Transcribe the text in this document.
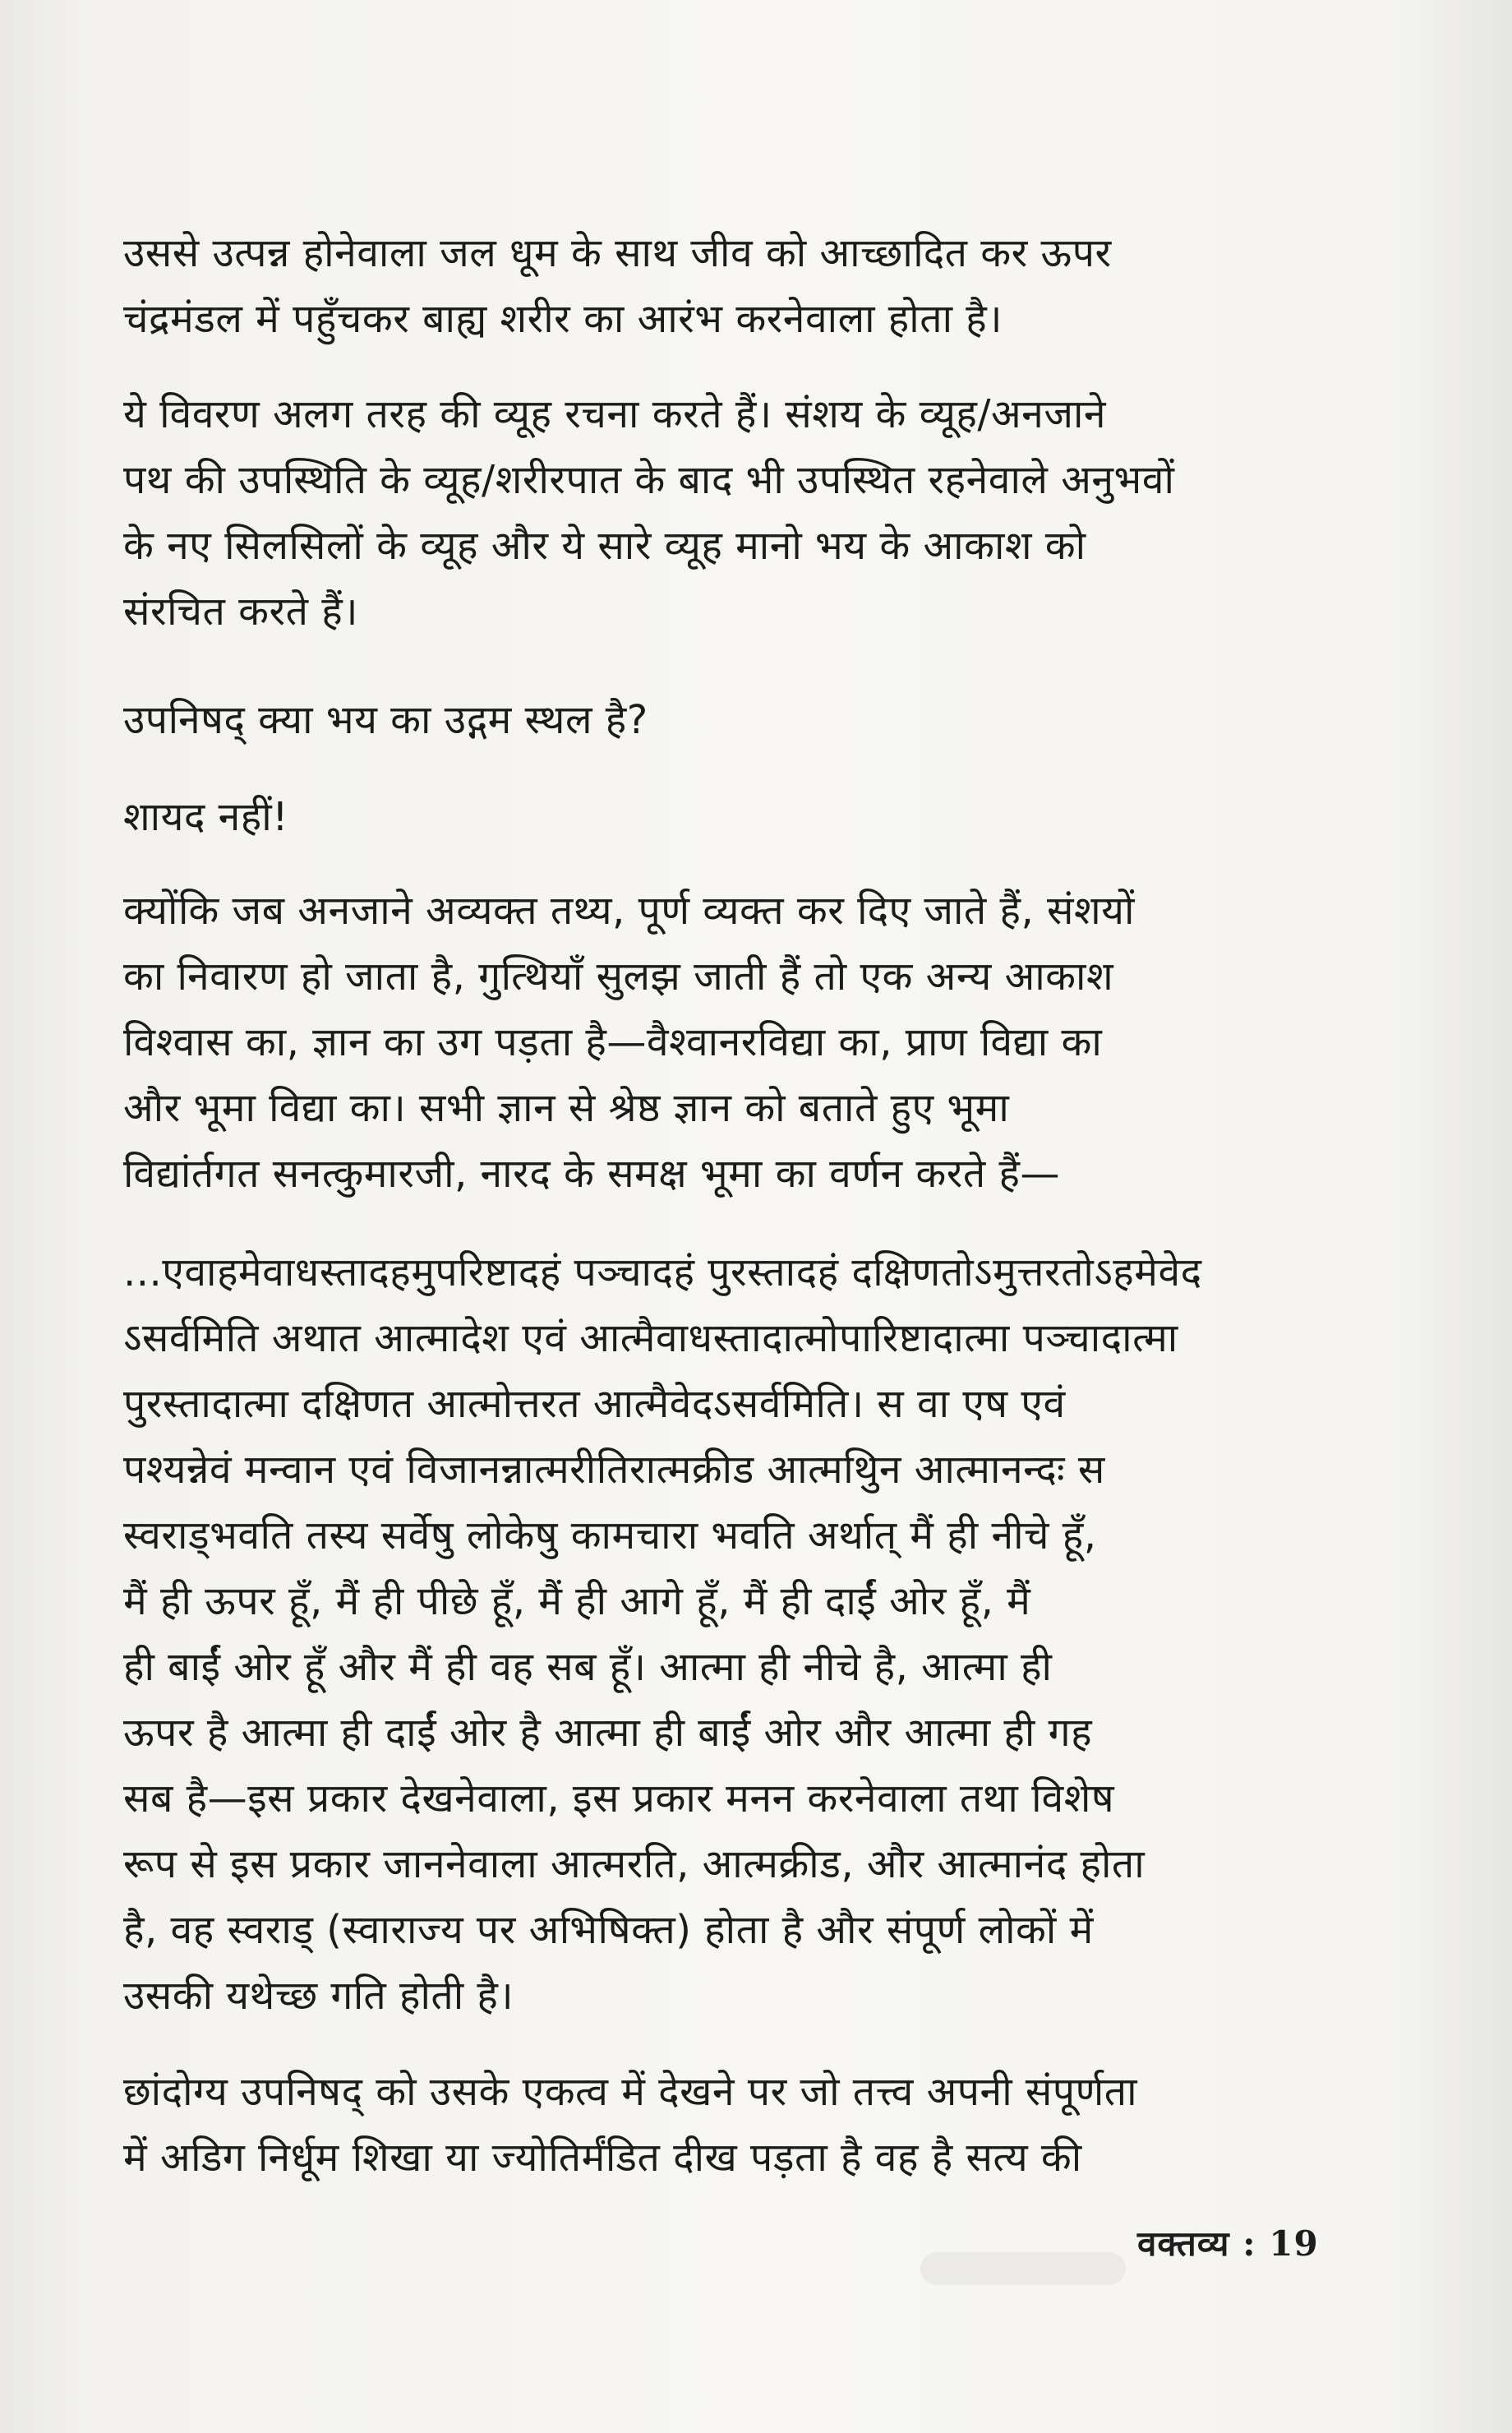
उससे उत्पन्न होनेवाला जल धूम के साथ जीव को आच्छादित कर ऊपर
चंद्रमंडल में पहुँचकर बाह्य शरीर का आरंभ करनेवाला होता है।
ये विवरण अलग तरह की व्यूह रचना करते हैं। संशय के व्यूह/अनजाने
पथ की उपस्थिति के व्यूह/शरीरपात के बाद भी उपस्थित रहनेवाले अनुभवों
के नए सिलसिलों के व्यूह और ये सारे व्यूह मानो भय के आकाश को
संरचित करते हैं।
उपनिषद् क्या भय का उद्गम स्थल है?
शायद नहीं!
क्योंकि जब अनजाने अव्यक्त तथ्य, पूर्ण व्यक्त कर दिए जाते हैं, संशयों
का निवारण हो जाता है, गुत्थियाँ सुलझ जाती हैं तो एक अन्य आकाश
विश्वास का, ज्ञान का उग पड़ता है—वैश्वानरविद्या का, प्राण विद्या का
और भूमा विद्या का। सभी ज्ञान से श्रेष्ठ ज्ञान को बताते हुए भूमा
विद्यांर्तगत सनत्कुमारजी, नारद के समक्ष भूमा का वर्णन करते हैं—
...एवाहमेवाधस्तादहमुपरिष्टादहं पञ्चादहं पुरस्तादहं दक्षिणतोऽमुत्तरतोऽहमेवेद
ऽसर्वमिति अथात आत्मादेश एवं आत्मैवाधस्तादात्मोपारिष्टादात्मा पञ्चादात्मा
पुरस्तादात्मा दक्षिणत आत्मोत्तरत आत्मैवेदऽसर्वमिति। स वा एष एवं
पश्यन्नेवं मन्वान एवं विजानन्नात्मरीतिरात्मक्रीड आत्मथुिन आत्मानन्दः स
स्वराड्भवति तस्य सर्वेषु लोकेषु कामचारा भवति अर्थात् मैं ही नीचे हूँ,
मैं ही ऊपर हूँ, मैं ही पीछे हूँ, मैं ही आगे हूँ, मैं ही दाईं ओर हूँ, मैं
ही बाईं ओर हूँ और मैं ही वह सब हूँ। आत्मा ही नीचे है, आत्मा ही
ऊपर है आत्मा ही दाईं ओर है आत्मा ही बाईं ओर और आत्मा ही गह
सब है—इस प्रकार देखनेवाला, इस प्रकार मनन करनेवाला तथा विशेष
रूप से इस प्रकार जाननेवाला आत्मरति, आत्मक्रीड, और आत्मानंद होता
है, वह स्वराड् (स्वाराज्य पर अभिषिक्त) होता है और संपूर्ण लोकों में
उसकी यथेच्छ गति होती है।
छांदोग्य उपनिषद् को उसके एकत्व में देखने पर जो तत्त्व अपनी संपूर्णता
में अडिग निर्धूम शिखा या ज्योतिर्मंडित दीख पड़ता है वह है सत्य की
वक्तव्य : 19
